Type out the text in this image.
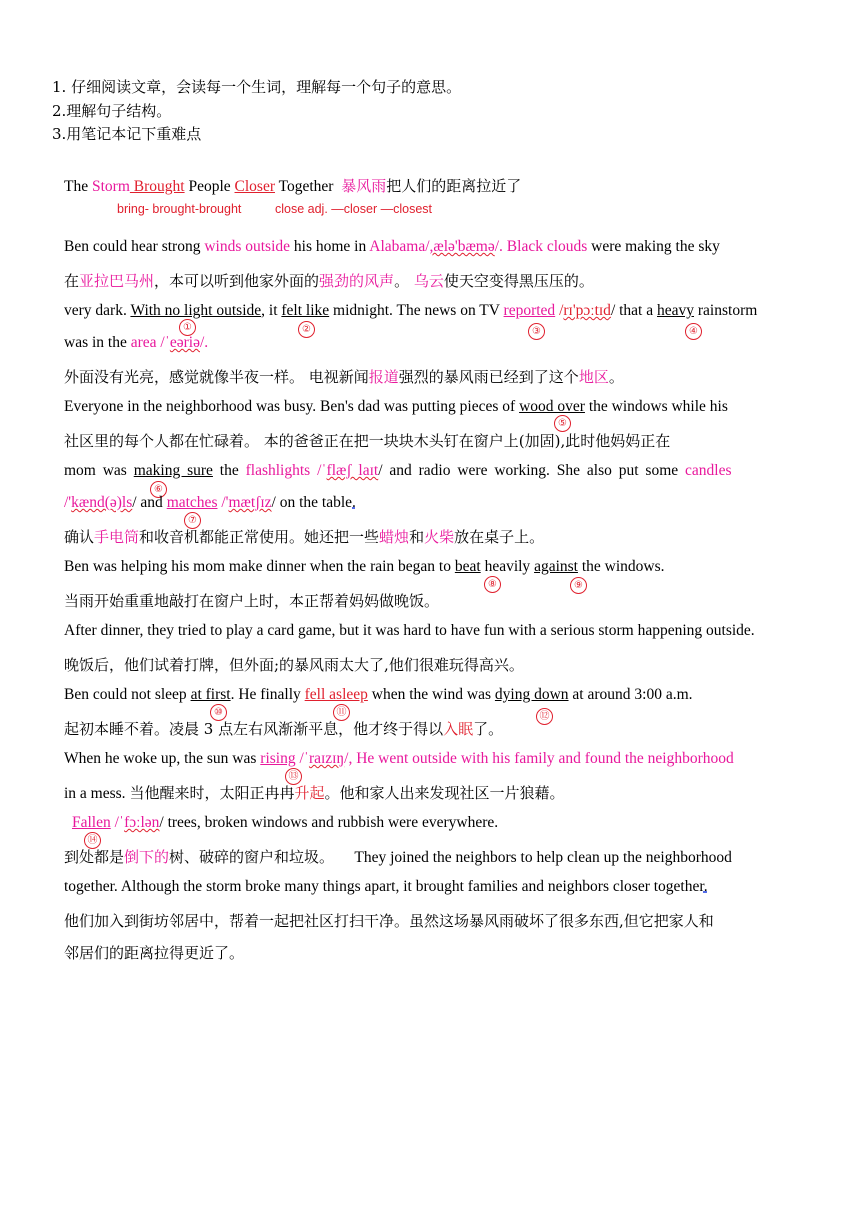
1. 仔细阅读文章，会读每一个生词，理解每一个句子的意思。
2.理解句子结构。
3.用笔记本记下重难点
The Storm Brought People Closer Together 暴风雨把人们的距离拉近了
bring- brought-brought	close adj. —closer —closest
Ben could hear strong winds outside his home in Alabama/,ælə'bæmə/. Black clouds were making the sky
在亚拉巴马州，本可以听到他家外面的强劲的风声。 乌云使天空变得黑压压的。
very dark. With no light outside, it felt like midnight. The news on TV reported /rɪ'pɔːtɪd/ that a heavy rainstorm
①	②	③	④
was in the area /ˈeəriə/.
外面没有光亮，感觉就像半夜一样。 电视新闻报道强烈的暴风雨已经到了这个地区。
Everyone in the neighborhood was busy. Ben's dad was putting pieces of wood over the windows while his
⑤
社区里的每个人都在忙碌着。 本的爸爸正在把一块块木头钉在窗户上(加固),此时他妈妈正在
mom was making sure the flashlights /ˈflæʃ laɪt/ and radio were working. She also put some candles
⑥
/'kænd(ə)ls/ and matches /'mætʃɪz/ on the table.
⑦
确认手电筒和收音机都能正常使用。她还把一些蜡烛和火柴放在桌子上。
Ben was helping his mom make dinner when the rain began to beat heavily against the windows.
⑧	⑨
当雨开始重重地敲打在窗户上时，本正帮着妈妈做晚饭。
After dinner, they tried to play a card game, but it was hard to have fun with a serious storm happening outside.
晚饭后，他们试着打牌，但外面;的暴风雨太大了,他们很难玩得高兴。
Ben could not sleep at first. He finally fell asleep when the wind was dying down at around 3:00 a.m.
⑩	⑪	⑫
起初本睡不着。凌晨 3 点左右风渐渐平息，他才终于得以入眠了。
When he woke up, the sun was rising /ˈraɪzɪŋ/, He went outside with his family and found the neighborhood
⑬
in a mess. 当他醒来时，太阳正冉冉升起。他和家人出来发现社区一片狼藉。
Fallen /ˈfɔːlən/ trees, broken windows and rubbish were everywhere.
⑭
到处都是倒下的树、破碎的窗户和垃圾。 They joined the neighbors to help clean up the neighborhood
together. Although the storm broke many things apart, it brought families and neighbors closer together.
他们加入到街坊邻居中，帮着一起把社区打扫干净。虽然这场暴风雨破坏了很多东西,但它把家人和
邻居们的距离拉得更近了。
